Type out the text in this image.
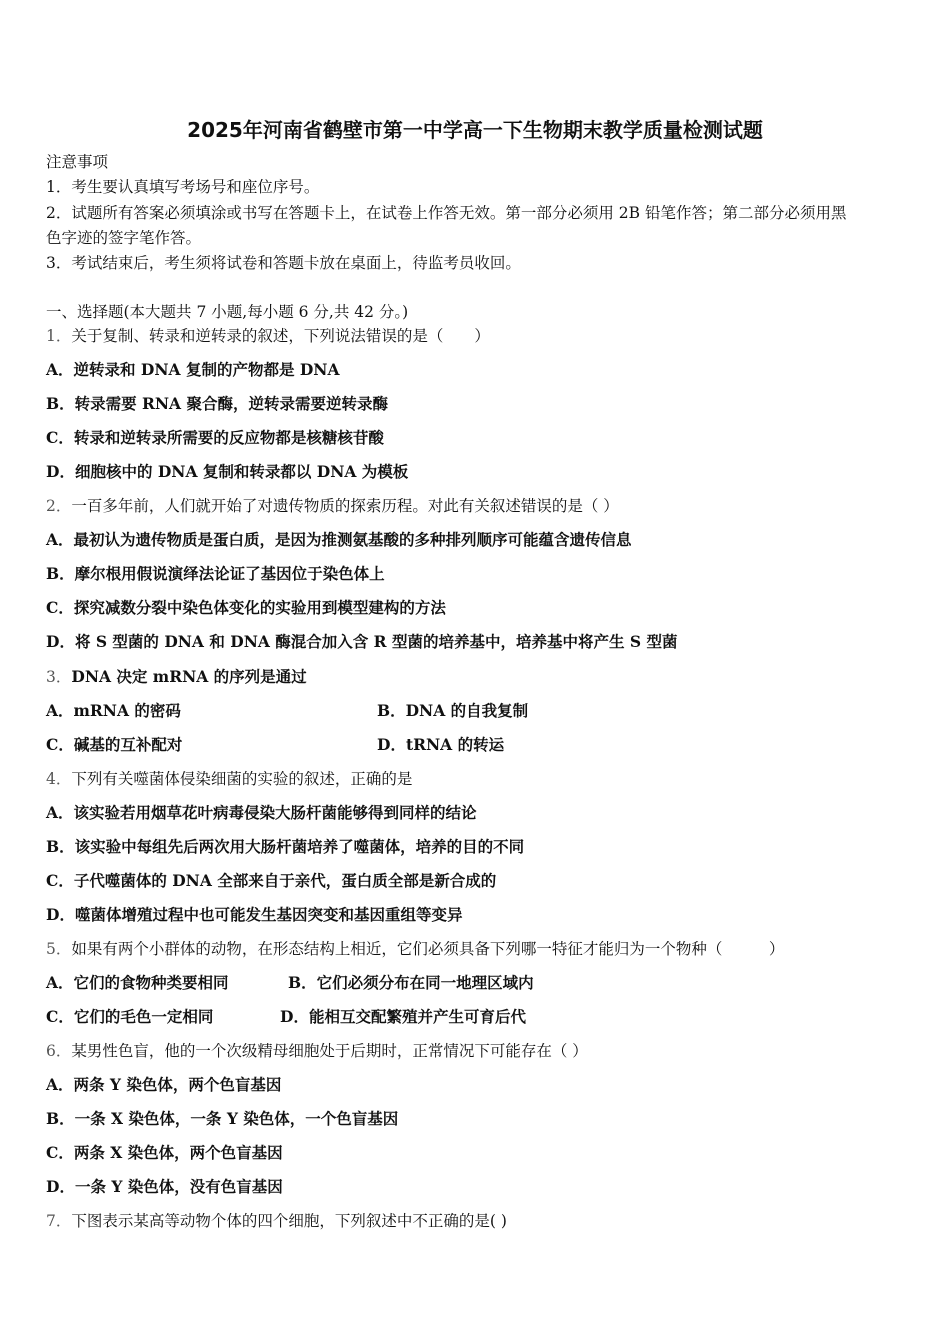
2025年河南省鹤壁市第一中学高一下生物期末教学质量检测试题
注意事项
1．考生要认真填写考场号和座位序号。
2．试题所有答案必须填涂或书写在答题卡上，在试卷上作答无效。第一部分必须用 2B 铅笔作答；第二部分必须用黑
色字迹的签字笔作答。
3．考试结束后，考生须将试卷和答题卡放在桌面上，待监考员收回。
一、选择题(本大题共 7 小题,每小题 6 分,共 42 分。)
1．关于复制、转录和逆转录的叙述，下列说法错误的是（　　）
A．逆转录和 DNA 复制的产物都是 DNA
B．转录需要 RNA 聚合酶，逆转录需要逆转录酶
C．转录和逆转录所需要的反应物都是核糖核苷酸
D．细胞核中的 DNA 复制和转录都以 DNA 为模板
2．一百多年前，人们就开始了对遗传物质的探索历程。对此有关叙述错误的是（ ）
A．最初认为遗传物质是蛋白质，是因为推测氨基酸的多种排列顺序可能蕴含遗传信息
B．摩尔根用假说演绎法论证了基因位于染色体上
C．探究减数分裂中染色体变化的实验用到模型建构的方法
D．将 S 型菌的 DNA 和 DNA 酶混合加入含 R 型菌的培养基中，培养基中将产生 S 型菌
3．DNA 决定 mRNA 的序列是通过
A．mRNA 的密码	B．DNA 的自我复制
C．碱基的互补配对	D．tRNA 的转运
4．下列有关噬菌体侵染细菌的实验的叙述，正确的是
A．该实验若用烟草花叶病毒侵染大肠杆菌能够得到同样的结论
B．该实验中每组先后两次用大肠杆菌培养了噬菌体，培养的目的不同
C．子代噬菌体的 DNA 全部来自于亲代，蛋白质全部是新合成的
D．噬菌体增殖过程中也可能发生基因突变和基因重组等变异
5．如果有两个小群体的动物，在形态结构上相近，它们必须具备下列哪一特征才能归为一个物种（　　　）
A．它们的食物种类要相同	B．它们必须分布在同一地理区域内
C．它们的毛色一定相同	D．能相互交配繁殖并产生可育后代
6．某男性色盲，他的一个次级精母细胞处于后期时，正常情况下可能存在（ ）
A．两条 Y 染色体，两个色盲基因
B．一条 X 染色体，一条 Y 染色体，一个色盲基因
C．两条 X 染色体，两个色盲基因
D．一条 Y 染色体，没有色盲基因
7．下图表示某高等动物个体的四个细胞，下列叙述中不正确的是( )
